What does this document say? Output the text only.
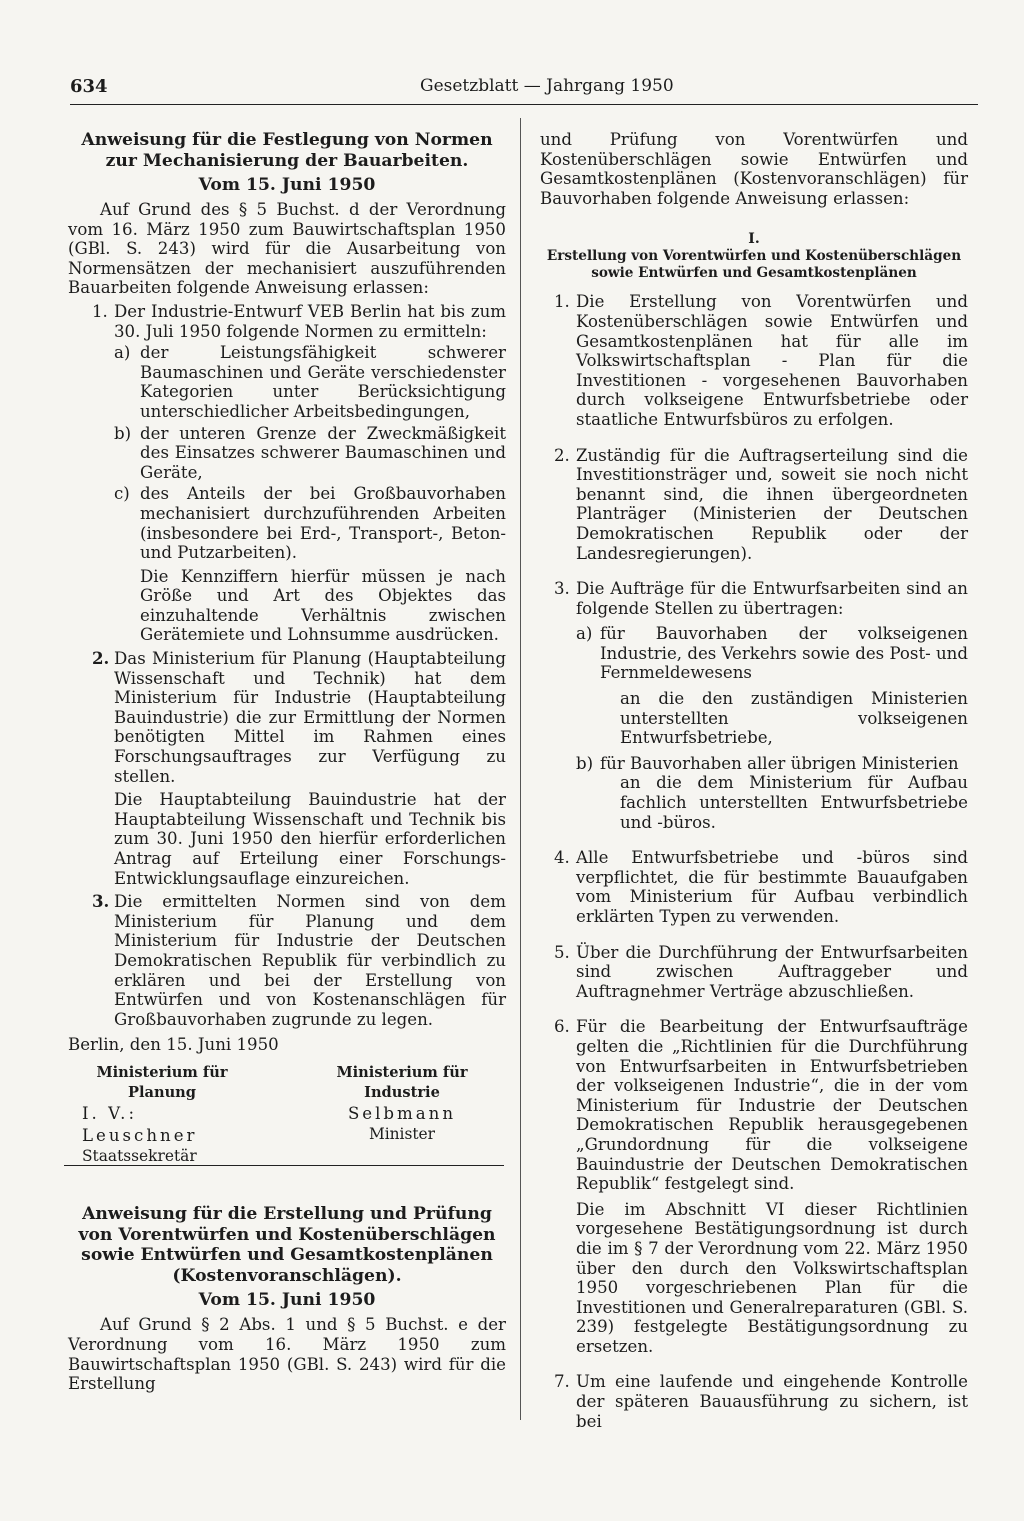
634	Gesetzblatt — Jahrgang 1950
Anweisung für die Festlegung von Normen
zur Mechanisierung der Bauarbeiten.
Vom 15. Juni 1950

Auf Grund des § 5 Buchst. d der Verordnung vom 16. März 1950 zum Bauwirtschaftsplan 1950 (GBl. S. 243) wird für die Ausarbeitung von Normensätzen der mechanisiert auszuführenden Bauarbeiten folgende Anweisung erlassen:

1. Der Industrie-Entwurf VEB Berlin hat bis zum 30. Juli 1950 folgende Normen zu ermitteln:
a) der Leistungsfähigkeit schwerer Baumaschinen und Geräte verschiedenster Kategorien unter Berücksichtigung unterschiedlicher Arbeitsbedingungen,
b) der unteren Grenze der Zweckmäßigkeit des Einsatzes schwerer Baumaschinen und Geräte,
c) des Anteils der bei Großbauvorhaben mechanisiert durchzuführenden Arbeiten (insbesondere bei Erd-, Transport-, Beton- und Putzarbeiten).

Die Kennziffern hierfür müssen je nach Größe und Art des Objektes das einzuhaltende Verhältnis zwischen Gerätemiete und Lohnsumme ausdrücken.

2. Das Ministerium für Planung (Hauptabteilung Wissenschaft und Technik) hat dem Ministerium für Industrie (Hauptabteilung Bauindustrie) die zur Ermittlung der Normen benötigten Mittel im Rahmen eines Forschungsauftrages zur Verfügung zu stellen.

Die Hauptabteilung Bauindustrie hat der Hauptabteilung Wissenschaft und Technik bis zum 30. Juni 1950 den hierfür erforderlichen Antrag auf Erteilung einer Forschungs-Entwicklungsauflage einzureichen.

3. Die ermittelten Normen sind von dem Ministerium für Planung und dem Ministerium für Industrie der Deutschen Demokratischen Republik für verbindlich zu erklären und bei der Erstellung von Entwürfen und von Kostenanschlägen für Großbauvorhaben zugrunde zu legen.
Berlin, den 15. Juni 1950
Ministerium für Planung
I. V.: Leuschner
Staatssekretär
Ministerium für Industrie
Selbmann
Minister
Anweisung für die Erstellung und Prüfung
von Vorentwürfen und Kostenüberschlägen
sowie Entwürfen und Gesamtkostenplänen
(Kostenvoranschlägen).
Vom 15. Juni 1950

Auf Grund § 2 Abs. 1 und § 5 Buchst. e der Verordnung vom 16. März 1950 zum Bauwirtschaftsplan 1950 (GBl. S. 243) wird für die Erstellung

und Prüfung von Vorentwürfen und Kostenüberschlägen sowie Entwürfen und Gesamtkostenplänen (Kostenvoranschlägen) für Bauvorhaben folgende Anweisung erlassen:

I.
Erstellung von Vorentwürfen und Kostenüberschlägen sowie Entwürfen und Gesamtkostenplänen
1. Die Erstellung von Vorentwürfen und Kostenüberschlägen sowie Entwürfen und Gesamtkostenplänen hat für alle im Volkswirtschaftsplan - Plan für die Investitionen - vorgesehenen Bauvorhaben durch volkseigene Entwurfsbetriebe oder staatliche Entwurfsbüros zu erfolgen.
2. Zuständig für die Auftragserteilung sind die Investitionsträger und, soweit sie noch nicht benannt sind, die ihnen übergeordneten Planträger (Ministerien der Deutschen Demokratischen Republik oder der Landesregierungen).
3. Die Aufträge für die Entwurfsarbeiten sind an folgende Stellen zu übertragen:
a) für Bauvorhaben der volkseigenen Industrie, des Verkehrs sowie des Post- und Fernmeldewesens

an die den zuständigen Ministerien unterstellten volkseigenen Entwurfsbetriebe,

b) für Bauvorhaben aller übrigen Ministerien

an die dem Ministerium für Aufbau fachlich unterstellten Entwurfsbetriebe und -büros.

4. Alle Entwurfsbetriebe und -büros sind verpflichtet, die für bestimmte Bauaufgaben vom Ministerium für Aufbau verbindlich erklärten Typen zu verwenden.
5. Über die Durchführung der Entwurfsarbeiten sind zwischen Auftraggeber und Auftragnehmer Verträge abzuschließen.
6. Für die Bearbeitung der Entwurfsaufträge gelten die „Richtlinien für die Durchführung von Entwurfsarbeiten in Entwurfsbetrieben der volkseigenen Industrie“, die in der vom Ministerium für Industrie der Deutschen Demokratischen Republik herausgegebenen „Grundordnung für die volkseigene Bauindustrie der Deutschen Demokratischen Republik“ festgelegt sind.

Die im Abschnitt VI dieser Richtlinien vorgesehene Bestätigungsordnung ist durch die im § 7 der Verordnung vom 22. März 1950 über den durch den Volkswirtschaftsplan 1950 vorgeschriebenen Plan für die Investitionen und Generalreparaturen (GBl. S. 239) festgelegte Bestätigungsordnung zu ersetzen.

7. Um eine laufende und eingehende Kontrolle der späteren Bauausführung zu sichern, ist bei
